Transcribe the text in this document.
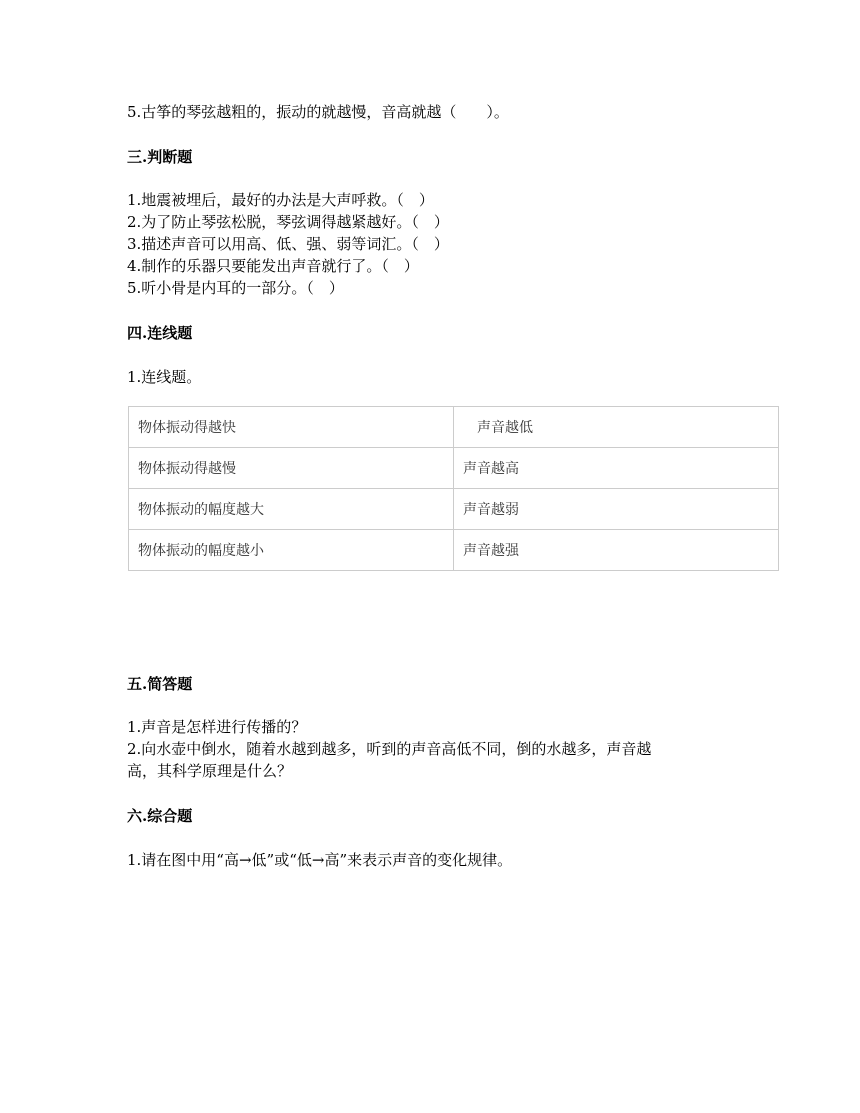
5.古筝的琴弦越粗的，振动的就越慢，音高就越（　　）。
三.判断题
1.地震被埋后，最好的办法是大声呼救。（　）
2.为了防止琴弦松脱，琴弦调得越紧越好。（　）
3.描述声音可以用高、低、强、弱等词汇。（　）
4.制作的乐器只要能发出声音就行了。（　）
5.听小骨是内耳的一部分。（　）
四.连线题
1.连线题。
物体振动得越快	　声音越低
物体振动得越慢	声音越高
物体振动的幅度越大	声音越弱
物体振动的幅度越小	声音越强
五.简答题
1.声音是怎样进行传播的？
2.向水壶中倒水，随着水越到越多，听到的声音高低不同，倒的水越多，声音越
高，其科学原理是什么？
六.综合题
1.请在图中用“高→低”或“低→高”来表示声音的变化规律。
